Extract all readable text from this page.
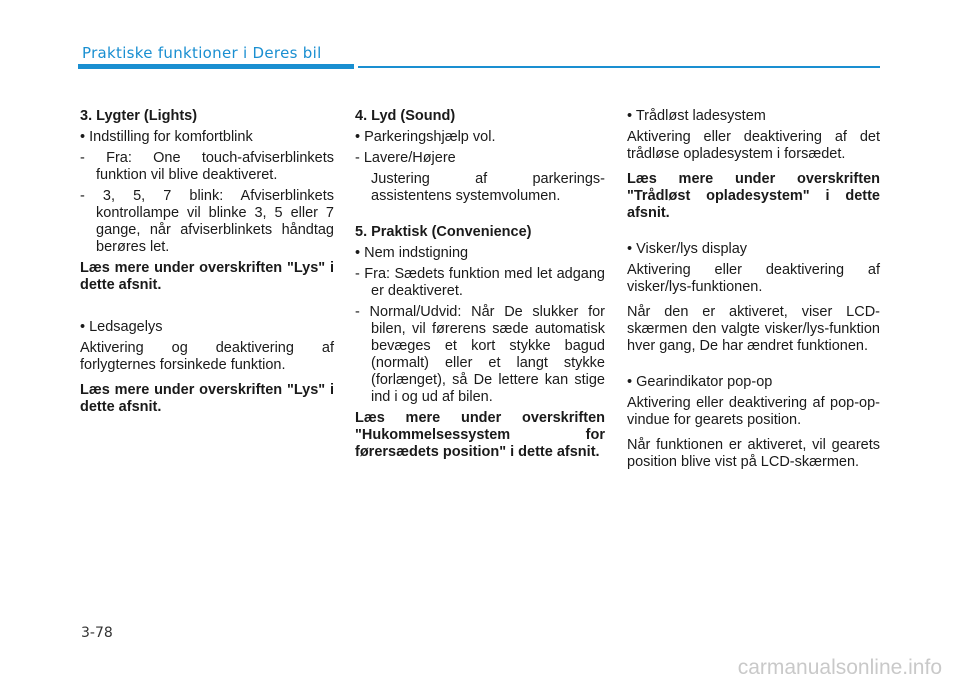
Praktiske funktioner i Deres bil
3. Lygter (Lights)
• Indstilling for komfortblink
- Fra: One touch-afviserblinkets funktion vil blive deaktiveret.
- 3, 5, 7 blink: Afviserblinkets kontrollampe vil blinke 3, 5 eller 7 gange, når afviserblinkets håndtag berøres let.
Læs mere under overskriften "Lys" i dette afsnit.
• Ledsagelys
Aktivering og deaktivering af forlygternes forsinkede funktion.
Læs mere under overskriften "Lys" i dette afsnit.
4. Lyd (Sound)
• Parkeringshjælp vol.
- Lavere/Højere
Justering af parkerings- assistentens systemvolumen.
5. Praktisk (Convenience)
• Nem indstigning
- Fra: Sædets funktion med let adgang er deaktiveret.
- Normal/Udvid: Når De slukker for bilen, vil førerens sæde automatisk bevæges et kort stykke bagud (normalt) eller et langt stykke (forlænget), så De lettere kan stige ind i og ud af bilen.
Læs mere under overskriften "Hukommelsessystem for førersædets position" i dette afsnit.
• Trådløst ladesystem
Aktivering eller deaktivering af det trådløse opladesystem i forsædet.
Læs mere under overskriften "Trådløst opladesystem" i dette afsnit.
• Visker/lys display
Aktivering eller deaktivering af visker/lys-funktionen.
Når den er aktiveret, viser LCD-skærmen den valgte visker/lys-funktion hver gang, De har ændret funktionen.
• Gearindikator pop-op
Aktivering eller deaktivering af pop-op-vindue for gearets position.
Når funktionen er aktiveret, vil gearets position blive vist på LCD-skærmen.
3-78
carmanualsonline.info
